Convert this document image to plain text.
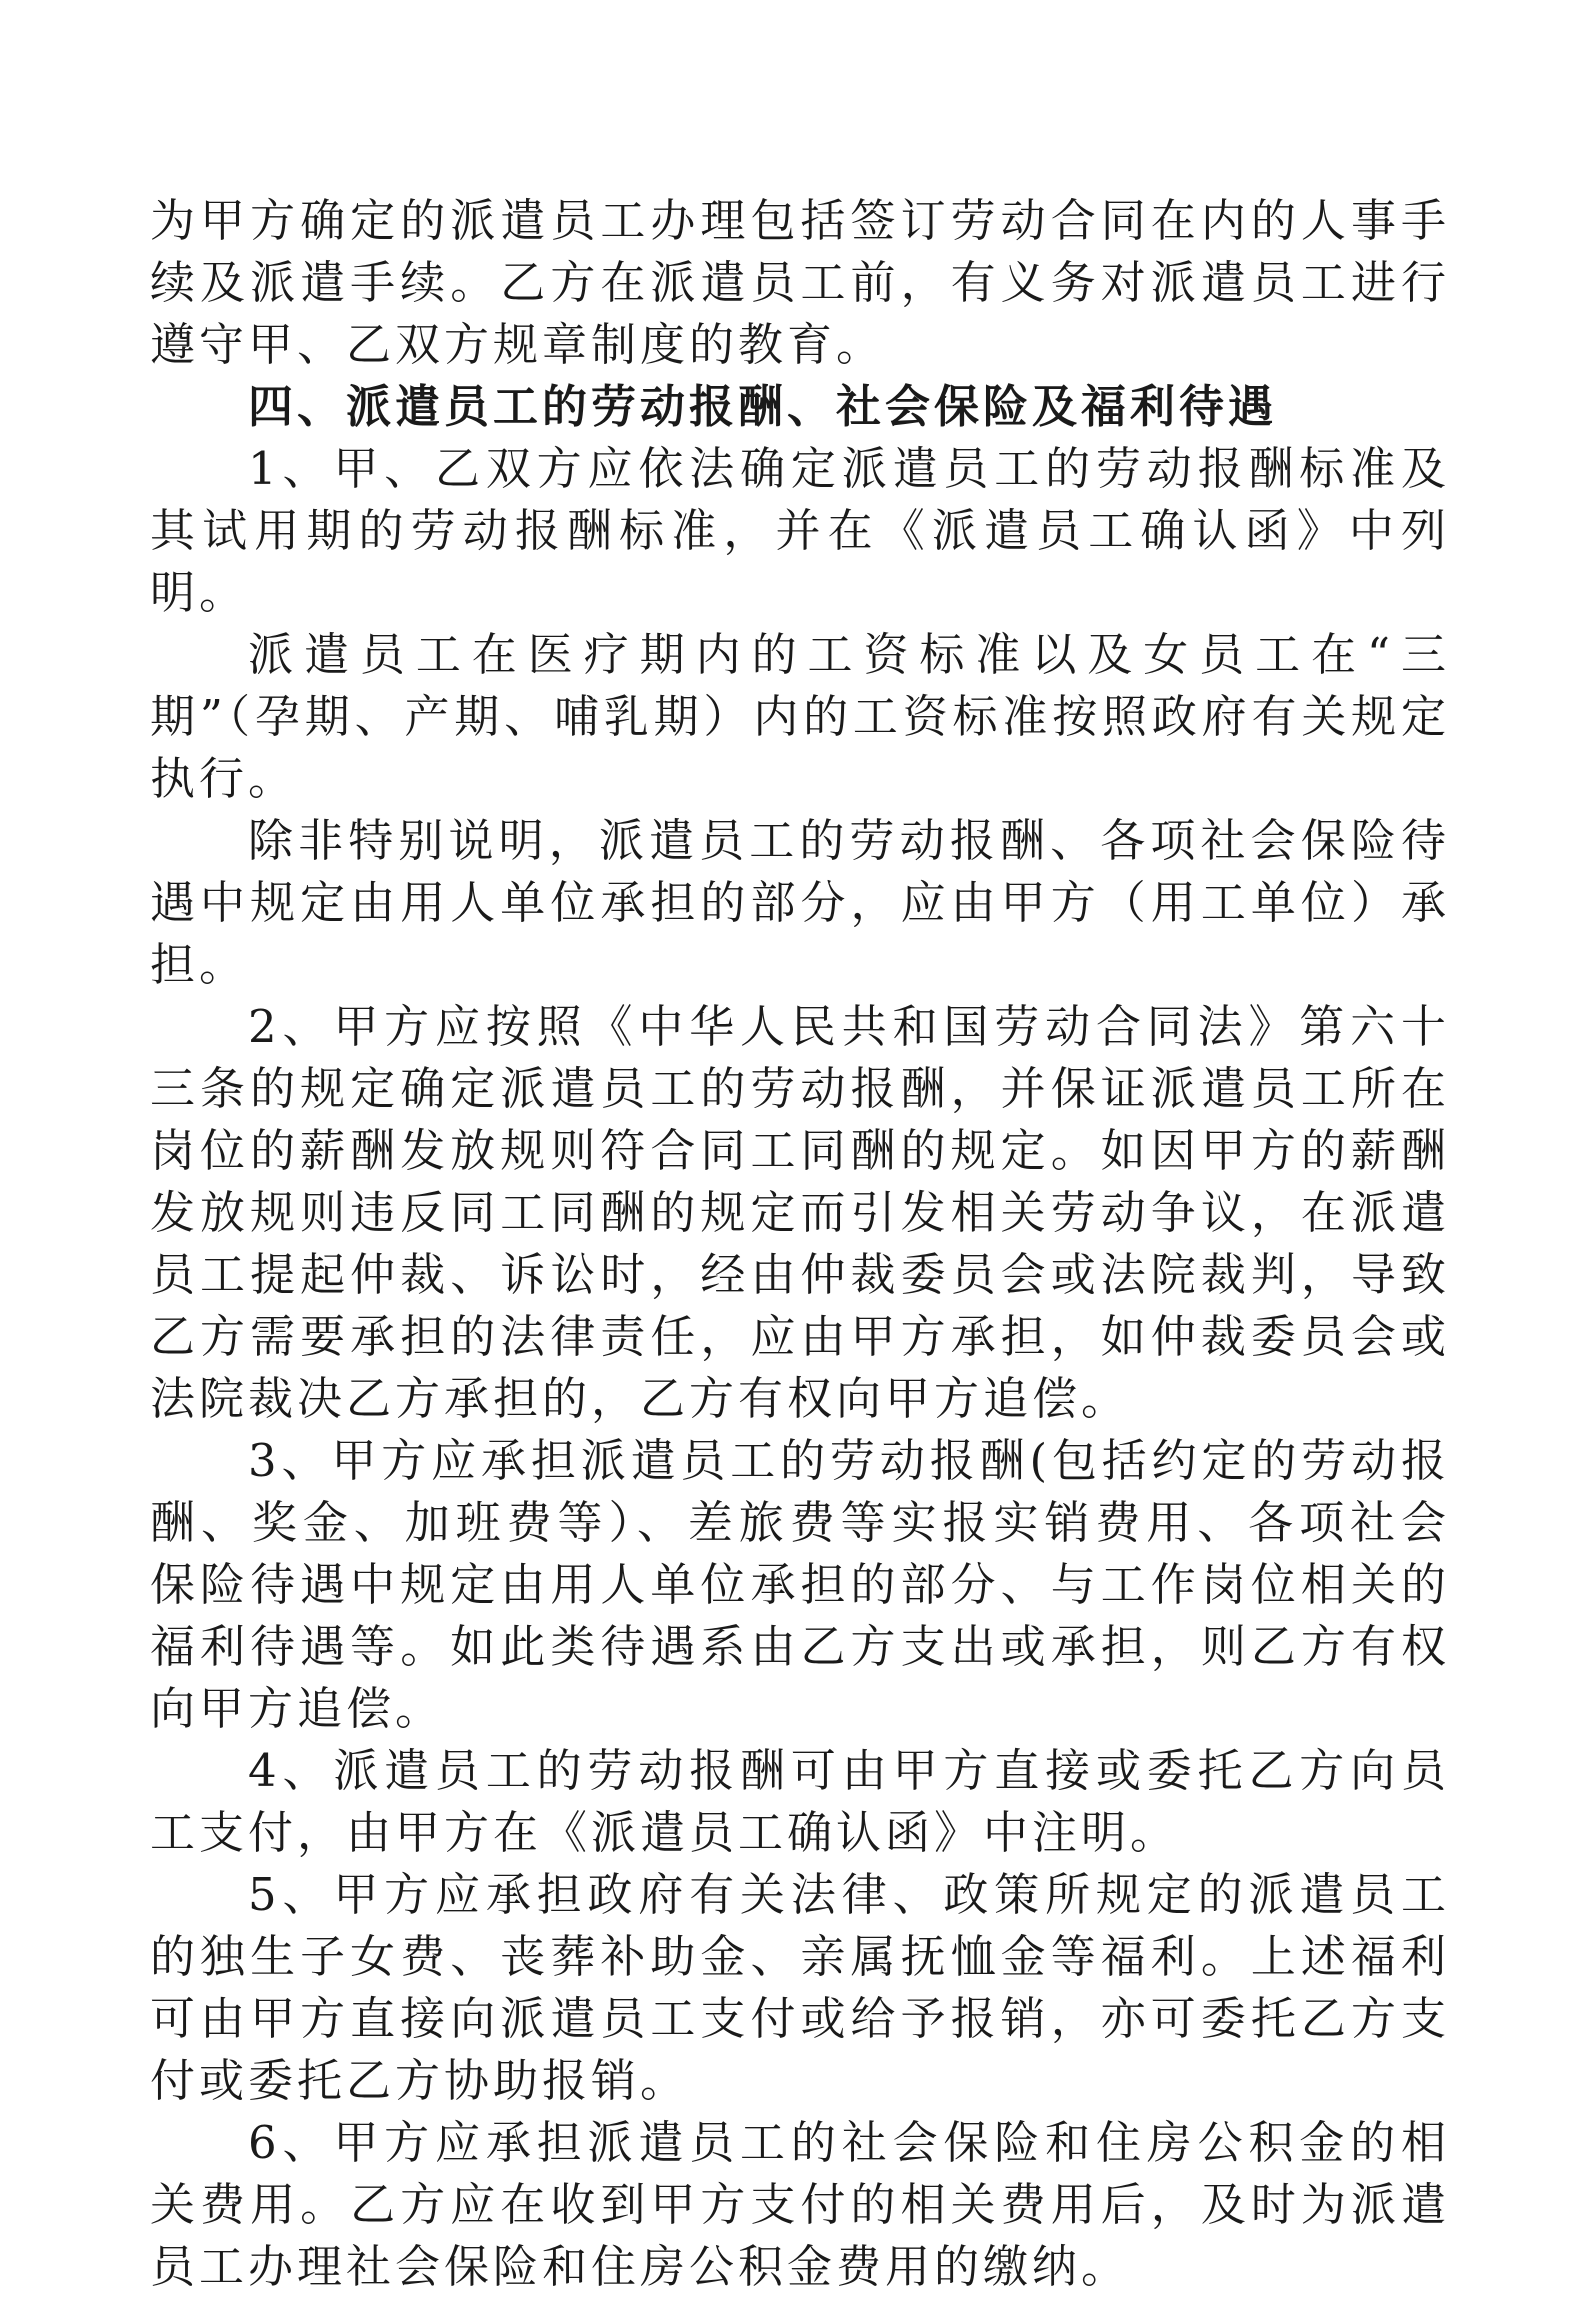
为甲方确定的派遣员工办理包括签订劳动合同在内的人事手续及派遣手续。乙方在派遣员工前，有义务对派遣员工进行遵守甲、乙双方规章制度的教育。

四、派遣员工的劳动报酬、社会保险及福利待遇

1、甲、乙双方应依法确定派遣员工的劳动报酬标准及其试用期的劳动报酬标准，并在《派遣员工确认函》中列明。

派遣员工在医疗期内的工资标准以及女员工在“三期”（孕期、产期、哺乳期）内的工资标准按照政府有关规定执行。

除非特别说明，派遣员工的劳动报酬、各项社会保险待遇中规定由用人单位承担的部分，应由甲方（用工单位）承担。

2、甲方应按照《中华人民共和国劳动合同法》第六十三条的规定确定派遣员工的劳动报酬，并保证派遣员工所在岗位的薪酬发放规则符合同工同酬的规定。如因甲方的薪酬发放规则违反同工同酬的规定而引发相关劳动争议，在派遣员工提起仲裁、诉讼时，经由仲裁委员会或法院裁判，导致乙方需要承担的法律责任，应由甲方承担，如仲裁委员会或法院裁决乙方承担的，乙方有权向甲方追偿。

3、甲方应承担派遣员工的劳动报酬(包括约定的劳动报酬、奖金、加班费等）、差旅费等实报实销费用、各项社会保险待遇中规定由用人单位承担的部分、与工作岗位相关的福利待遇等。如此类待遇系由乙方支出或承担，则乙方有权向甲方追偿。

4、派遣员工的劳动报酬可由甲方直接或委托乙方向员工支付，由甲方在《派遣员工确认函》中注明。

5、甲方应承担政府有关法律、政策所规定的派遣员工的独生子女费、丧葬补助金、亲属抚恤金等福利。上述福利可由甲方直接向派遣员工支付或给予报销，亦可委托乙方支付或委托乙方协助报销。

6、甲方应承担派遣员工的社会保险和住房公积金的相关费用。乙方应在收到甲方支付的相关费用后，及时为派遣员工办理社会保险和住房公积金费用的缴纳。
